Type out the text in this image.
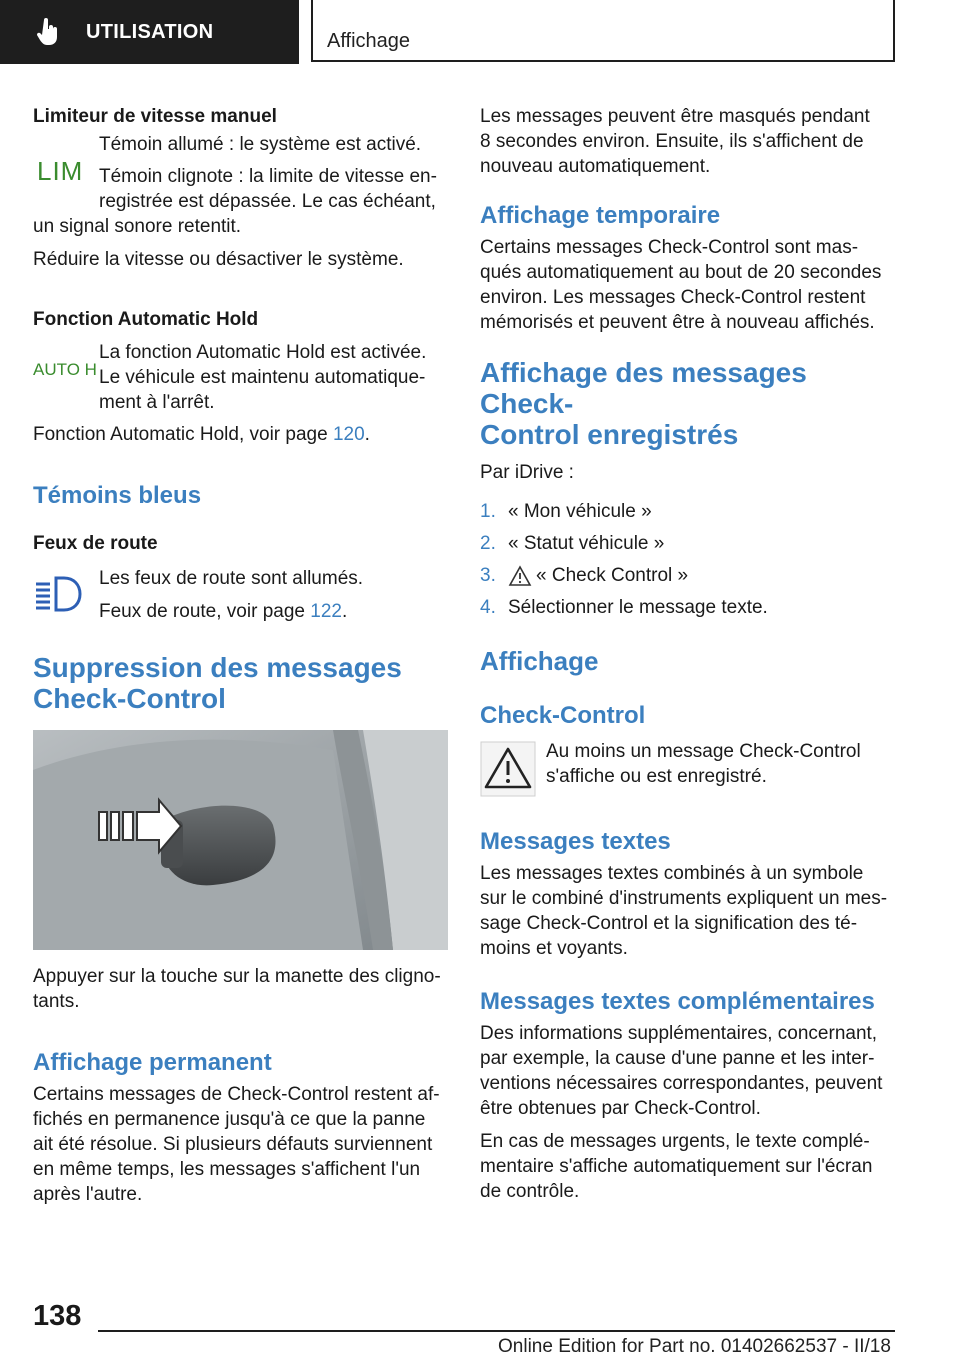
UTILISATION	Affichage

Limiteur de vitesse manuel

LIM

Témoin allumé : le système est activé.

Témoin clignote : la limite de vitesse en‐

registrée est dépassée. Le cas échéant,

un signal sonore retentit.

Réduire la vitesse ou désactiver le système.

Fonction Automatic Hold

AUTO H

La fonction Automatic Hold est activée.

Le véhicule est maintenu automatique‐

ment à l'arrêt.

Fonction Automatic Hold, voir page 120.

Témoins bleus

Feux de route

Les feux de route sont allumés.

Feux de route, voir page 122.

Suppression des messages

Check-Control

Appuyer sur la touche sur la manette des cligno‐

tants.

Affichage permanent

Certains messages de Check-Control restent af‐

fichés en permanence jusqu'à ce que la panne

ait été résolue. Si plusieurs défauts surviennent

en même temps, les messages s'affichent l'un

après l'autre.

Les messages peuvent être masqués pendant

8 secondes environ. Ensuite, ils s'affichent de

nouveau automatiquement.

Affichage temporaire

Certains messages Check-Control sont mas‐

qués automatiquement au bout de 20 secondes

environ. Les messages Check-Control restent

mémorisés et peuvent être à nouveau affichés.

Affichage des messages Check-

Control enregistrés

Par iDrive :

1. « Mon véhicule »
2. « Statut véhicule »
3.	« Check Control »
4. Sélectionner le message texte.

Affichage

Check-Control

Au moins un message Check-Control

s'affiche ou est enregistré.

Messages textes

Les messages textes combinés à un symbole

sur le combiné d'instruments expliquent un mes‐

sage Check-Control et la signification des té‐

moins et voyants.

Messages textes complémentaires

Des informations supplémentaires, concernant,

par exemple, la cause d'une panne et les inter‐

ventions nécessaires correspondantes, peuvent

être obtenues par Check-Control.

En cas de messages urgents, le texte complé‐

mentaire s'affiche automatiquement sur l'écran

de contrôle.

138
Online Edition for Part no. 01402662537 - II/18
